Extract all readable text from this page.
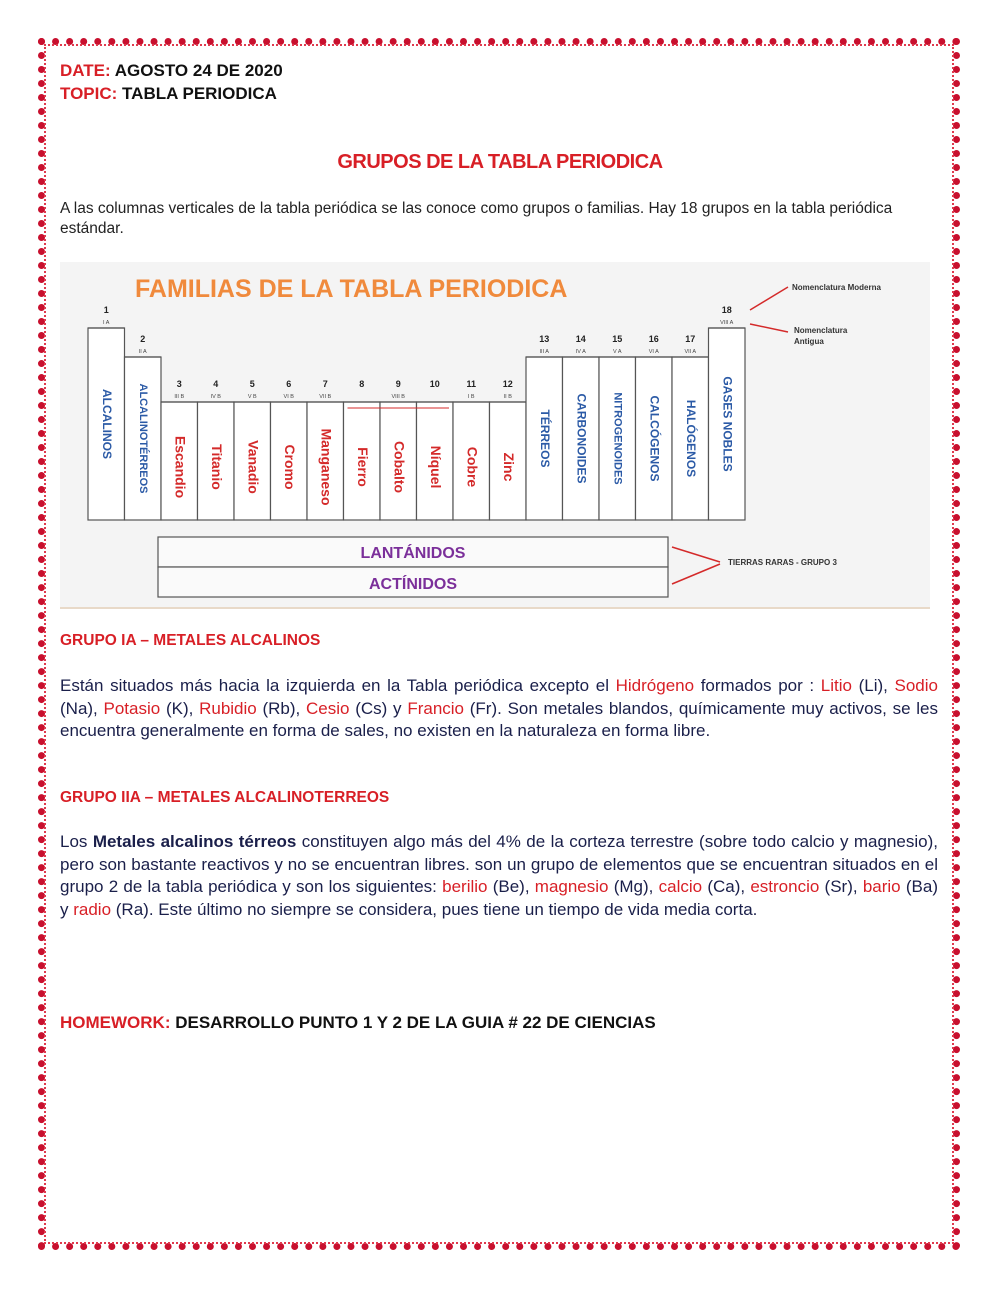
DATE: AGOSTO 24 DE 2020
TOPIC: TABLA PERIODICA
GRUPOS DE LA TABLA PERIODICA
A las columnas verticales de la tabla periódica se las conoce como grupos o familias. Hay 18 grupos en la tabla periódica estándar.
FAMILIAS DE LA TABLA PERIODICA
1
I A
ALCALINOS
2
II A
ALCALINOTÉRREOS	3
III B
Escandio
4
IV B
Titanio
5
V B
Vanadio
6
VI B
Cromo
7
VII B
Manganeso
8
Fierro
9
VIII B
Cobalto
10
Níquel
11
I B
Cobre
12
II B
Zinc
13
III A
TÉRREOS
14
IV A
CARBONOIDES
15
V A
NITROGENOIDES
16
VI A
CALCÓGENOS
17
VII A
HALÓGENOS
18
VIII A
GASES NOBLES
Nomenclatura Moderna
Nomenclatura
Antigua
LANTÁNIDOS
ACTÍNIDOS
TIERRAS RARAS - GRUPO 3
GRUPO IA – METALES ALCALINOS
Están situados más hacia la izquierda en la Tabla periódica excepto el Hidrógeno formados por : Litio (Li), Sodio (Na), Potasio (K), Rubidio (Rb), Cesio (Cs) y Francio (Fr). Son metales blandos, químicamente muy activos, se les encuentra generalmente en forma de sales, no existen en la naturaleza en forma libre.
GRUPO IIA – METALES ALCALINOTERREOS
Los Metales alcalinos térreos constituyen algo más del 4% de la corteza terrestre (sobre todo calcio y magnesio), pero son bastante reactivos y no se encuentran libres. son un grupo de elementos que se encuentran situados en el grupo 2 de la tabla periódica y son los siguientes: berilio (Be), magnesio (Mg), calcio (Ca), estroncio (Sr), bario (Ba) y radio (Ra). Este último no siempre se considera, pues tiene un tiempo de vida media corta.
HOMEWORK: DESARROLLO PUNTO 1 Y 2 DE LA GUIA # 22 DE CIENCIAS
